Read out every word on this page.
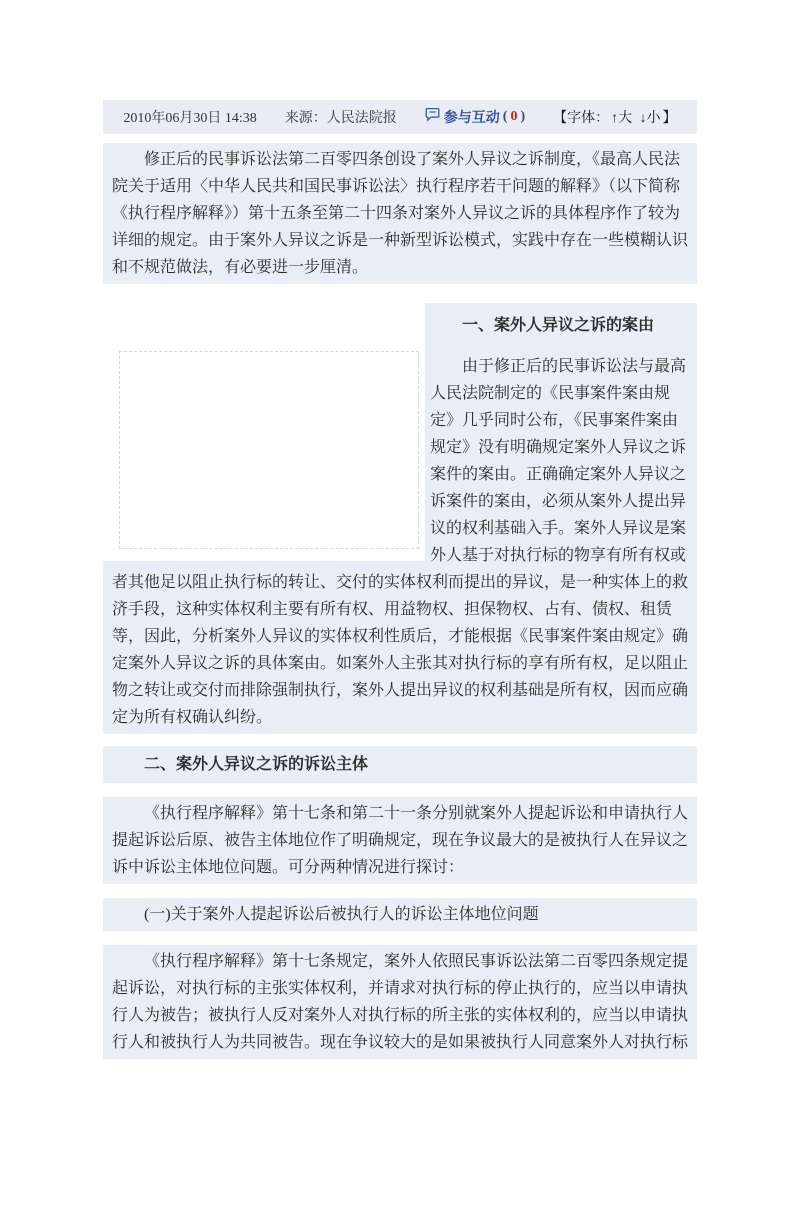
2010年06月30日 14:38 来源：人民法院报	参与互动 ( 0 ) 【字体： ↑大 ↓小 】

修正后的民事诉讼法第二百零四条创设了案外人异议之诉制度，《最高人民法院关于适用〈中华人民共和国民事诉讼法〉执行程序若干问题的解释》（以下简称《执行程序解释》）第十五条至第二十四条对案外人异议之诉的具体程序作了较为详细的规定。由于案外人异议之诉是一种新型诉讼模式，实践中存在一些模糊认识和不规范做法，有必要进一步厘清。

一、案外人异议之诉的案由

由于修正后的民事诉讼法与最高人民法院制定的《民事案件案由规定》几乎同时公布，《民事案件案由规定》没有明确规定案外人异议之诉案件的案由。正确确定案外人异议之诉案件的案由，必须从案外人提出异议的权利基础入手。案外人异议是案外人基于对执行标的物享有所有权或者其他足以阻止执行标的转让、交付的实体权利而提出的异议，是一种实体上的救济手段，这种实体权利主要有所有权、用益物权、担保物权、占有、债权、租赁等，因此，分析案外人异议的实体权利性质后，才能根据《民事案件案由规定》确定案外人异议之诉的具体案由。如案外人主张其对执行标的享有所有权，足以阻止物之转让或交付而排除强制执行，案外人提出异议的权利基础是所有权，因而应确定为所有权确认纠纷。

二、案外人异议之诉的诉讼主体

《执行程序解释》第十七条和第二十一条分别就案外人提起诉讼和申请执行人提起诉讼后原、被告主体地位作了明确规定，现在争议最大的是被执行人在异议之诉中诉讼主体地位问题。可分两种情况进行探讨：

(一)关于案外人提起诉讼后被执行人的诉讼主体地位问题

《执行程序解释》第十七条规定，案外人依照民事诉讼法第二百零四条规定提起诉讼，对执行标的主张实体权利，并请求对执行标的停止执行的，应当以申请执行人为被告；被执行人反对案外人对执行标的所主张的实体权利的，应当以申请执行人和被执行人为共同被告。现在争议较大的是如果被执行人同意案外人对执行标
